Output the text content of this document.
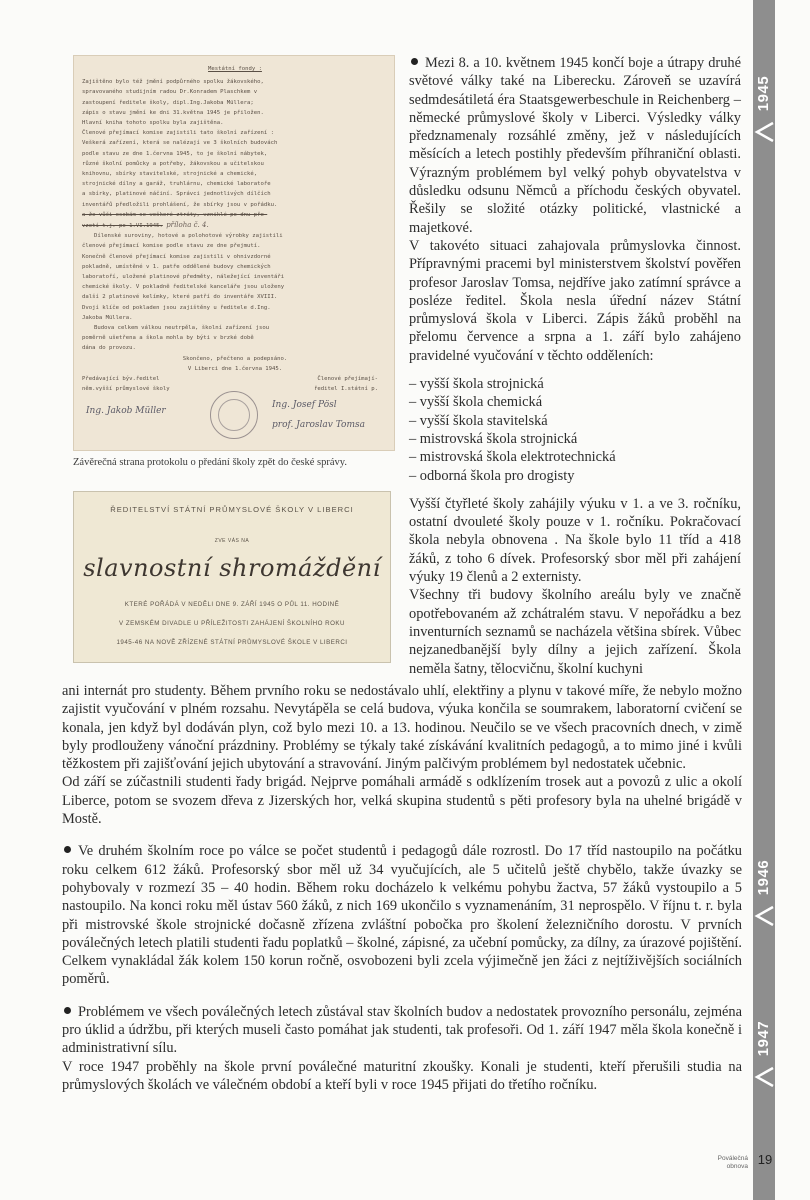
1945
1946
1947
Mestátní fondy :
Zajištěno bylo též jmění podpůrného spolku žákovského,
spravovaného studijním radou Dr.Konradem Plaschkem v
zastoupení ředitele školy, dipl.Ing.Jakoba Müllera;
zápis o stavu jmění ke dni 31.května 1945 je přiložen.
Hlavní kniha tohoto spolku byla zajištěna.
Členové přejímací komise zajistili tato školní zařízení :
Veškerá zařízení, která se nalézají ve 3 školních budovách
podle stavu ze dne 1.června 1945, to je školní nábytek,
různé školní pomůcky a potřeby, žákovskou a učitelskou
knihovnu, sbírky stavitelské, strojnické a chemické,
strojnické dílny a garáž, truhlárnu, chemické laboratoře
a sbírky, platinové náčiní. Správci jednotlivých dílčích
inventářů předložili prohlášení, že sbírky jsou v pořádku.
a že vůči osobám se veškeré ztráty, vzniklé po dnu pře-
vzetí t.j. po 1.VI.1945. příloha č. 4.
Dílenské suroviny, hotové a polohotové výrobky zajistili
členové přejímací komise podle stavu ze dne přejmutí.
Konečně členové přejímací komise zajistili v ohnivzdorné
pokladně, umístěné v 1. patře oddělené budovy chemických
laboratoří, uložené platinové předměty, náležející inventáři
chemické školy. V pokladně ředitelské kanceláře jsou uloženy
další 2 platinové kelímky, které patří do inventáře XVIII.
Dvojí klíče od pokladen jsou zajištěny u ředitele d.Ing.
Jakoba Müllera.
Budova celkem válkou neutrpěla, školní zařízení jsou
poměrně ušetřena a škola mohla by býti v brzké době
dána do provozu.
Skončeno, přečteno a podepsáno.
V Liberci dne 1.června 1945.
Předávající býv.ředitel	Členové přejímají-
něm.vyšší průmyslové školy	ředitel I.státní p.
Ing. Jakob Müller
Ing. Josef Pösl
prof. Jaroslav Tomsa
Závěrečná strana protokolu o předání školy zpět do české správy.
ŘEDITELSTVÍ STÁTNÍ PRŮMYSLOVÉ ŠKOLY V LIBERCI
ZVE VÁS NA
slavnostní shromáždění
KTERÉ POŘÁDÁ V NEDĚLI DNE 9. ZÁŘÍ 1945 O PŮL 11. HODINĚ
V ZEMSKÉM DIVADLE U PŘÍLEŽITOSTI ZAHÁJENÍ ŠKOLNÍHO ROKU
1945-46 NA NOVĚ ZŘÍZENÉ STÁTNÍ PRŮMYSLOVÉ ŠKOLE V LIBERCI

Mezi 8. a 10. květnem 1945 končí boje a útrapy druhé světové války také na Liberecku. Zároveň se uzavírá sedmdesátiletá éra Staatsgewerbeschule in Reichenberg – německé průmyslové školy v Liberci. Výsledky války předznamenaly rozsáhlé změny, jež v následujících měsících a letech postihly především příhraniční oblasti. Výrazným problémem byl velký pohyb obyvatelstva v důsledku odsunu Němců a příchodu českých obyvatel. Řešily se složité otázky politické, vlastnické a majetkové.

V takovéto situaci zahajovala průmyslovka činnost. Přípravnými pracemi byl ministerstvem školství pověřen profesor Jaroslav Tomsa, nejdříve jako zatímní správce a posléze ředitel. Škola nesla úřední název Státní průmyslová škola v Liberci. Zápis žáků proběhl na přelomu července a srpna a 1. září bylo zahájeno pravidelné vyučování v těchto odděleních:

– vyšší škola strojnická
– vyšší škola chemická
– vyšší škola stavitelská
– mistrovská škola strojnická
– mistrovská škola elektrotechnická
– odborná škola pro drogisty

Vyšší čtyřleté školy zahájily výuku v 1. a ve 3. ročníku, ostatní dvouleté školy pouze v 1. ročníku. Pokračovací škola nebyla obnovena . Na škole bylo 11 tříd a 418 žáků, z toho 6 dívek. Profesorský sbor měl při zahájení výuky 19 členů a 2 externisty.

Všechny tři budovy školního areálu byly ve značně opotřebovaném až zchátralém stavu. V nepořádku a bez inventurních seznamů se nacházela většina sbírek. Vůbec nejzanedbanější byly dílny a jejich zařízení. Škola neměla šatny, tělocvičnu, školní kuchyni

ani internát pro studenty. Během prvního roku se nedostávalo uhlí, elektřiny a plynu v takové míře, že nebylo možno zajistit vyučování v plném rozsahu. Nevytápěla se celá budova, výuka končila se soumrakem, laboratorní cvičení se konala, jen když byl dodáván plyn, což bylo mezi 10. a 13. hodinou. Neučilo se ve všech pracovních dnech, v zimě byly prodlouženy vánoční prázdniny. Problémy se týkaly také získávání kvalitních pedagogů, a to mimo jiné i kvůli těžkostem při zajišťování jejich ubytování a stravování. Jiným palčivým problémem byl nedostatek učebnic.

Od září se zúčastnili studenti řady brigád. Nejprve pomáhali armádě s odklízením trosek aut a povozů z ulic a okolí Liberce, potom se svozem dřeva z Jizerských hor, velká skupina studentů s pěti profesory byla na uhelné brigádě v Mostě.

Ve druhém školním roce po válce se počet studentů i pedagogů dále rozrostl. Do 17 tříd nastoupilo na počátku roku celkem 612 žáků. Profesorský sbor měl už 34 vyučujících, ale 5 učitelů ještě chybělo, takže úvazky se pohybovaly v rozmezí 35 – 40 hodin. Během roku docházelo k velkému pohybu žactva, 57 žáků vystoupilo a 5 nastoupilo. Na konci roku měl ústav 560 žáků, z nich 169 ukončilo s vyznamenáním, 31 neprospělo. V říjnu t. r. byla při mistrovské škole strojnické dočasně zřízena zvláštní pobočka pro školení železničního dorostu. V prvních poválečných letech platili studenti řadu poplatků – školné, zápisné, za učební pomůcky, za dílny, za úrazové pojištění. Celkem vynakládal žák kolem 150 korun ročně, osvobozeni byli zcela výjimečně jen žáci z nejtíživějších sociálních poměrů.

Problémem ve všech poválečných letech zůstával stav školních budov a nedostatek provozního personálu, zejména pro úklid a údržbu, při kterých museli často pomáhat jak studenti, tak profesoři. Od 1. září 1947 měla škola konečně i administrativní sílu.

V roce 1947 proběhly na škole první poválečné maturitní zkoušky. Konali je studenti, kteří přerušili studia na průmyslových školách ve válečném období a kteří byli v roce 1945 přijati do třetího ročníku.

Poválečná
obnova 19
